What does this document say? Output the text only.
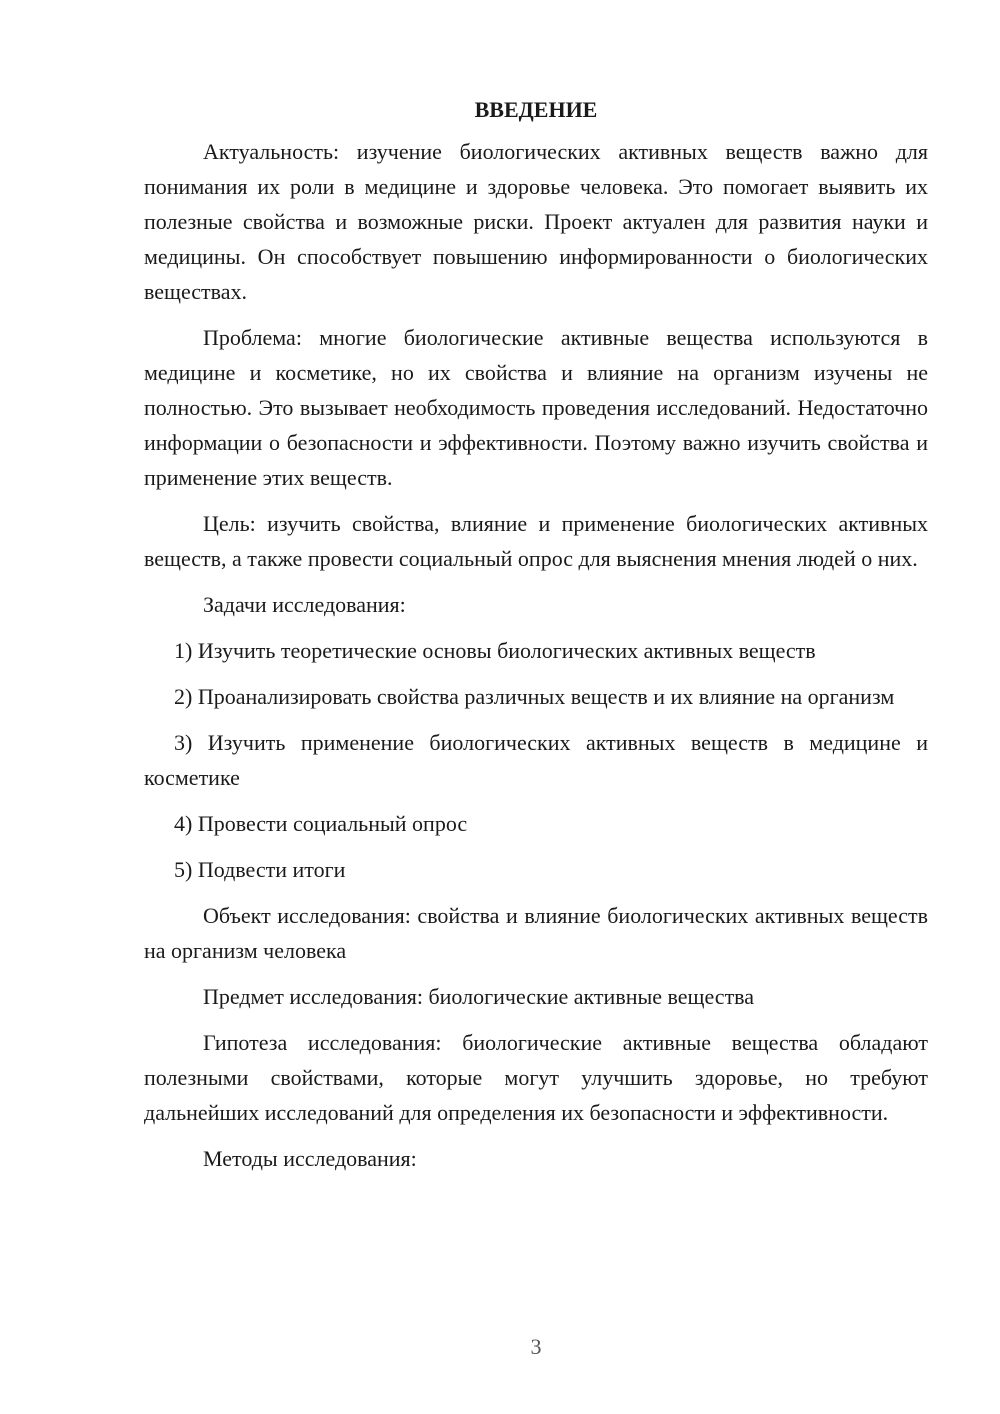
ВВЕДЕНИЕ

Актуальность: изучение биологических активных веществ важно для понимания их роли в медицине и здоровье человека. Это помогает выявить их полезные свойства и возможные риски. Проект актуален для развития науки и медицины. Он способствует повышению информированности о биологических веществах.

Проблема: многие биологические активные вещества используются в медицине и косметике, но их свойства и влияние на организм изучены не полностью. Это вызывает необходимость проведения исследований. Недостаточно информации о безопасности и эффективности. Поэтому важно изучить свойства и применение этих веществ.

Цель: изучить свойства, влияние и применение биологических активных веществ, а также провести социальный опрос для выяснения мнения людей о них.

Задачи исследования:

1) Изучить теоретические основы биологических активных веществ

2) Проанализировать свойства различных веществ и их влияние на организм

3) Изучить применение биологических активных веществ в медицине и косметике

4) Провести социальный опрос

5) Подвести итоги

Объект исследования: свойства и влияние биологических активных веществ на организм человека

Предмет исследования: биологические активные вещества

Гипотеза исследования: биологические активные вещества обладают полезными свойствами, которые могут улучшить здоровье, но требуют дальнейших исследований для определения их безопасности и эффективности.

Методы исследования:

3
